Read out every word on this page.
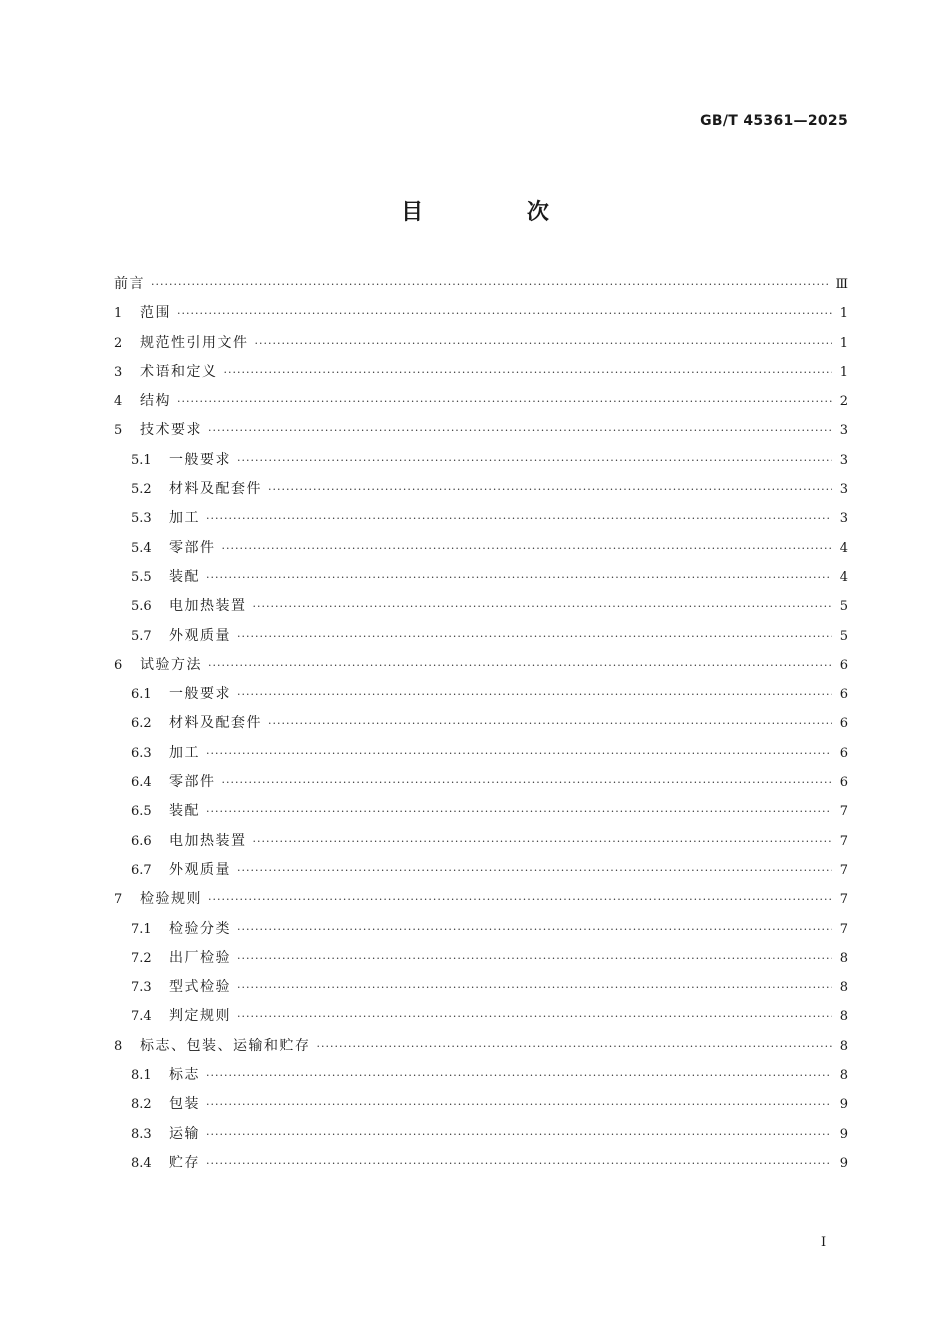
GB/T 45361—2025
目 次
前言 ·····	Ⅲ
1	范围 ·····	1
2	规范性引用文件 ·····	1
3	术语和定义 ·····	1
4	结构 ·····	2
5	技术要求 ·····	3
5.1	一般要求 ·····	3
5.2	材料及配套件 ·····	3
5.3	加工 ·····	3
5.4	零部件 ·····	4
5.5	装配 ·····	4
5.6	电加热装置 ·····	5
5.7	外观质量 ·····	5
6	试验方法 ·····	6
6.1	一般要求 ·····	6
6.2	材料及配套件 ·····	6
6.3	加工 ·····	6
6.4	零部件 ·····	6
6.5	装配 ·····	7
6.6	电加热装置 ·····	7
6.7	外观质量 ·····	7
7	检验规则 ·····	7
7.1	检验分类 ·····	7
7.2	出厂检验 ·····	8
7.3	型式检验 ·····	8
7.4	判定规则 ·····	8
8	标志、包装、运输和贮存 ·····	8
8.1	标志 ·····	8
8.2	包装 ·····	9
8.3	运输 ·····	9
8.4	贮存 ·····	9
Ⅰ
